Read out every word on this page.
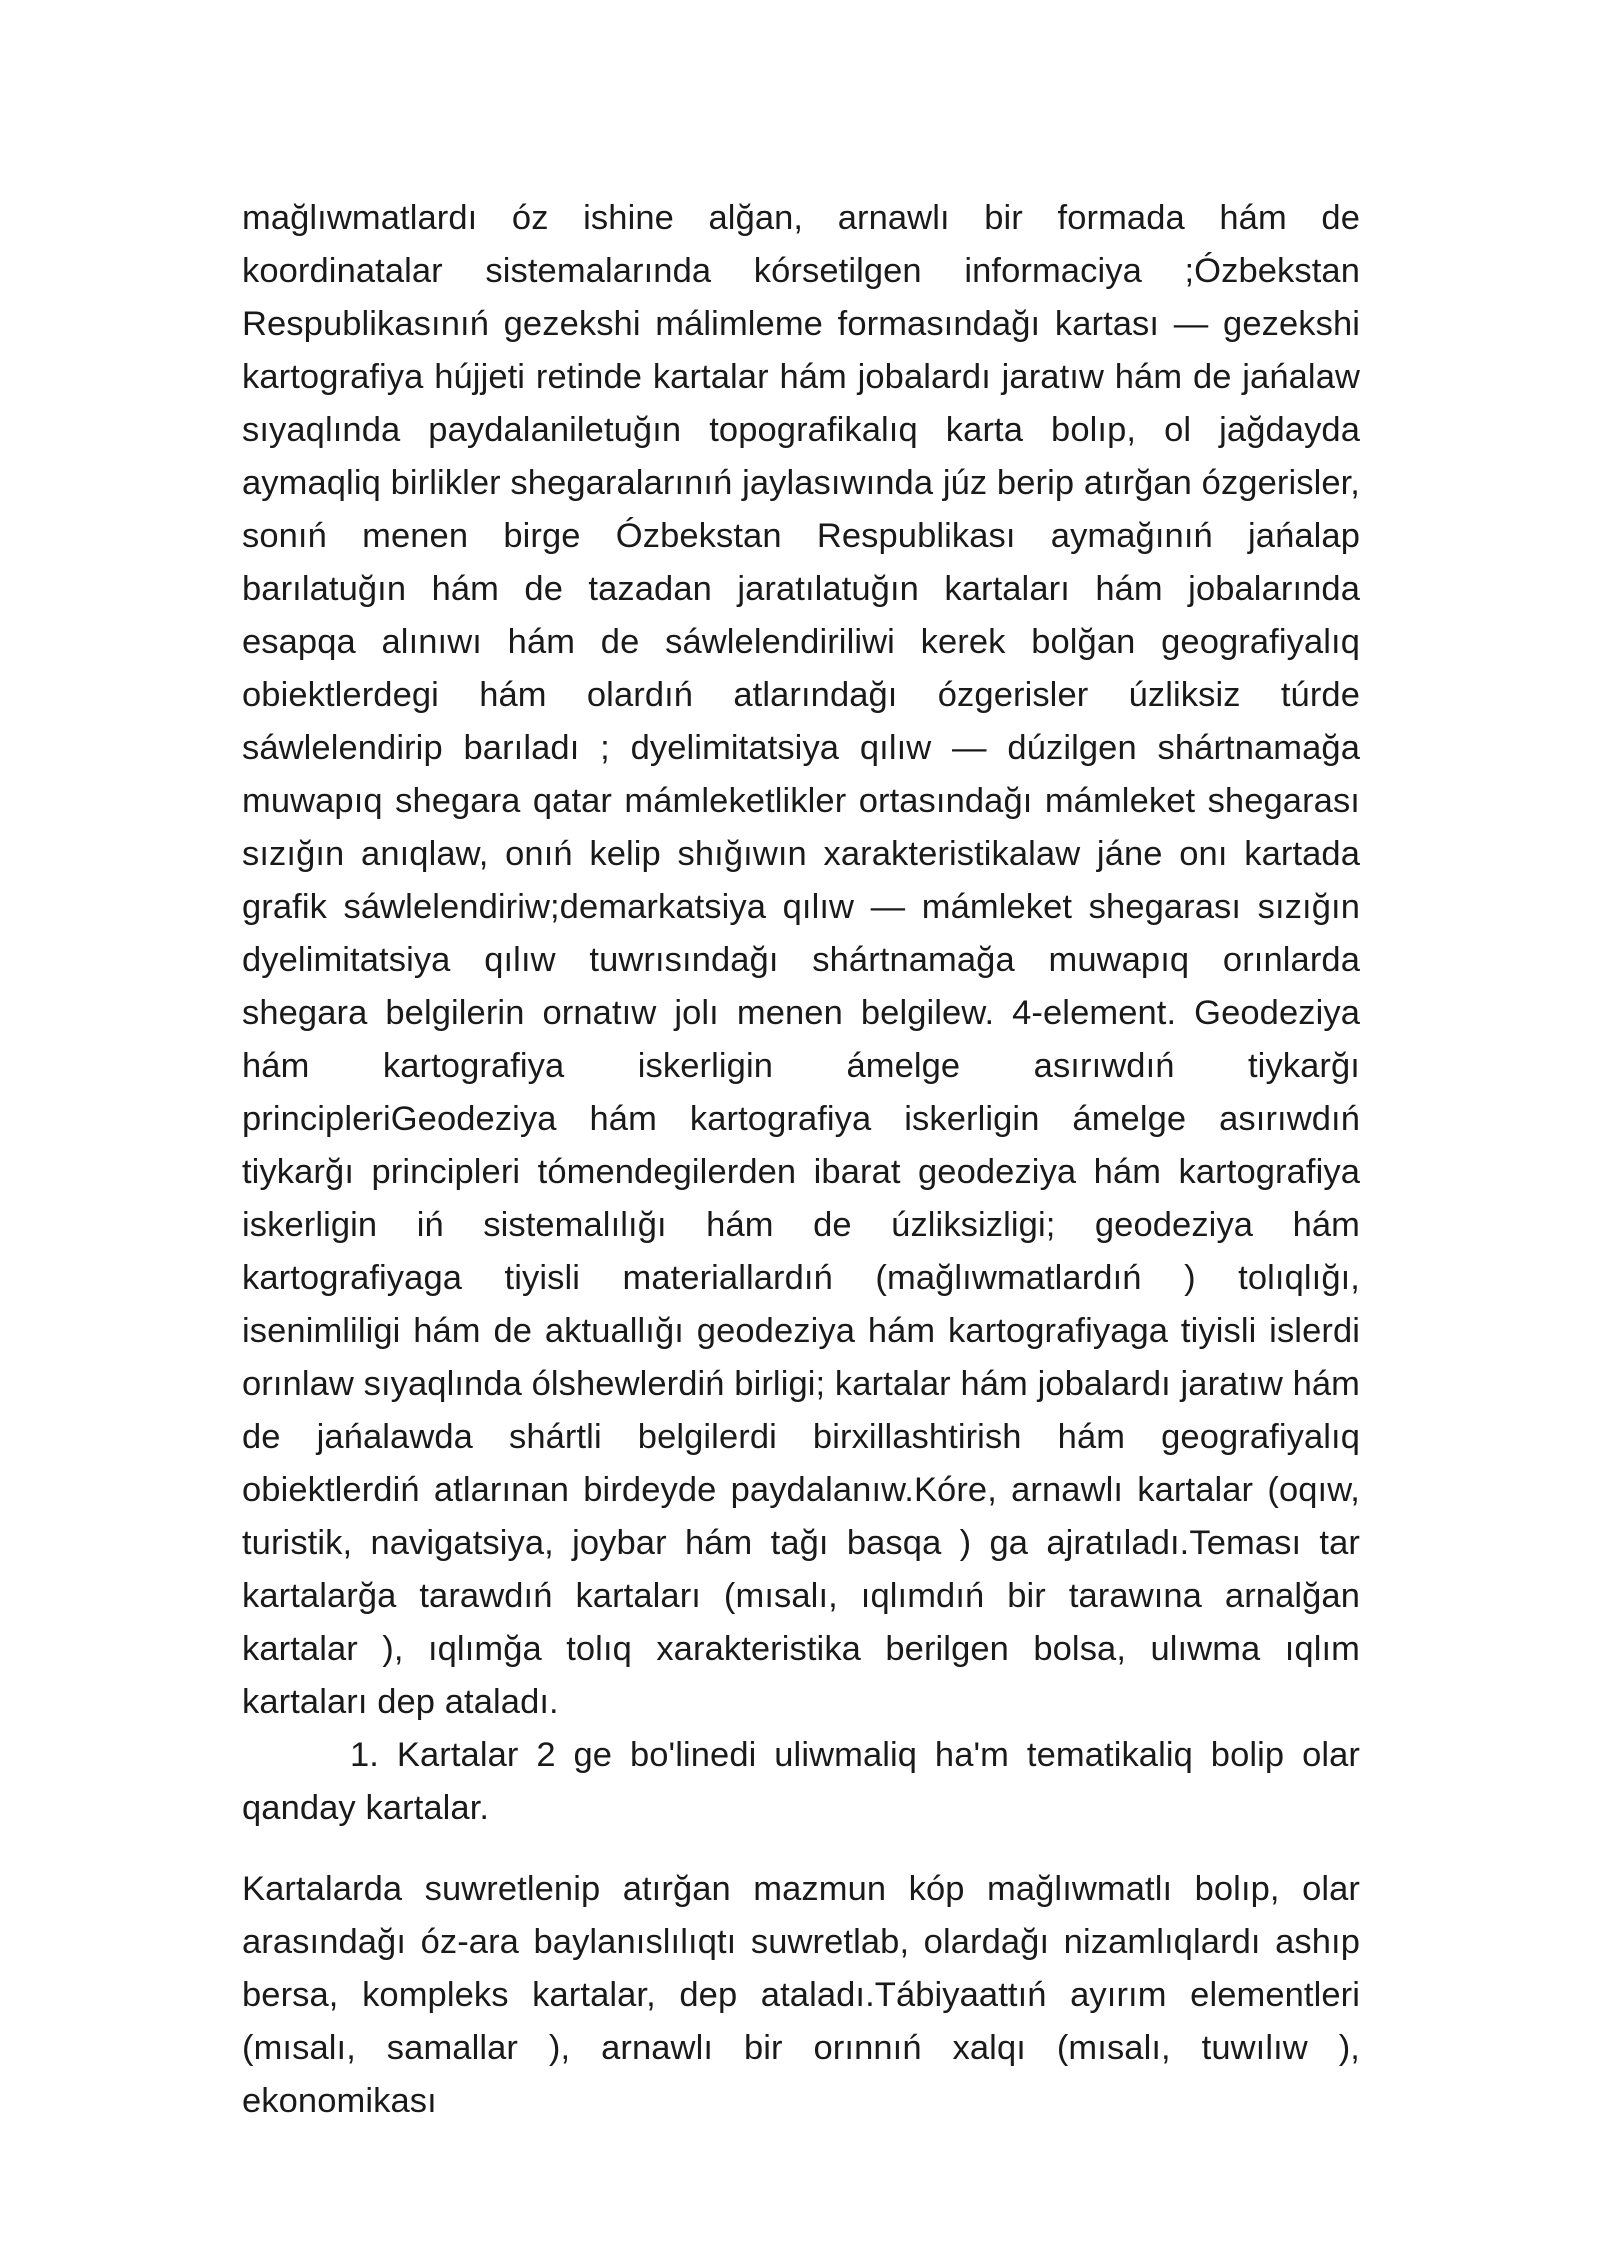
mağlıwmatlardı óz ishine alğan, arnawlı bir formada hám de koordinatalar sistemalarında kórsetilgen informaciya ;Ózbekstan Respublikasınıń gezekshi málimleme formasındağı kartası — gezekshi kartografiya hújjeti retinde kartalar hám jobalardı jaratıw hám de jańalaw sıyaqlında paydalaniletuğın topografikalıq karta bolıp, ol jağdayda aymaqliq birlikler shegaralarınıń jaylasıwında júz berip atırğan ózgerisler, sonıń menen birge Ózbekstan Respublikası aymağınıń jańalap barılatuğın hám de tazadan jaratılatuğın kartaları hám jobalarında esapqa alınıwı hám de sáwlelendiriliwi kerek bolğan geografiyalıq obiektlerdegi hám olardıń atlarındağı ózgerisler úzliksiz túrde sáwlelendirip barıladı ; dyelimitatsiya qılıw — dúzilgen shártnamağa muwapıq shegara qatar mámleketlikler ortasındağı mámleket shegarası sızığın anıqlaw, onıń kelip shığıwın xarakteristikalaw jáne onı kartada grafik sáwlelendiriw;demarkatsiya qılıw — mámleket shegarası sızığın dyelimitatsiya qılıw tuwrısındağı shártnamağa muwapıq orınlarda shegara belgilerin ornatıw jolı menen belgilew. 4-element. Geodeziya hám kartografiya iskerligin ámelge asırıwdıń tiykarğı principleriGeodeziya hám kartografiya iskerligin ámelge asırıwdıń tiykarğı principleri tómendegilerden ibarat geodeziya hám kartografiya iskerligin iń sistemalılığı hám de úzliksizligi; geodeziya hám kartografiyaga tiyisli materiallardıń (mağlıwmatlardıń ) tolıqlığı, isenimliligi hám de aktuallığı geodeziya hám kartografiyaga tiyisli islerdi orınlaw sıyaqlında ólshewlerdiń birligi; kartalar hám jobalardı jaratıw hám de jańalawda shártli belgilerdi birxillashtirish hám geografiyalıq obiektlerdiń atlarınan birdeyde paydalanıw.Kóre, arnawlı kartalar (oqıw, turistik, navigatsiya, joybar hám tağı basqa ) ga ajratıladı.Teması tar kartalarğa tarawdıń kartaları (mısalı, ıqlımdıń bir tarawına arnalğan kartalar ), ıqlımğa tolıq xarakteristika berilgen bolsa, ulıwma ıqlım kartaları dep ataladı.

1. Kartalar 2 ge bo'linedi uliwmaliq ha'm tematikaliq bolip olar qanday kartalar.

Kartalarda suwretlenip atırğan mazmun kóp mağlıwmatlı bolıp, olar arasındağı óz-ara baylanıslılıqtı suwretlab, olardağı nizamlıqlardı ashıp bersa, kompleks kartalar, dep ataladı.Tábiyaattıń ayırım elementleri (mısalı, samallar ), arnawlı bir orınnıń xalqı (mısalı, tuwılıw ), ekonomikası
